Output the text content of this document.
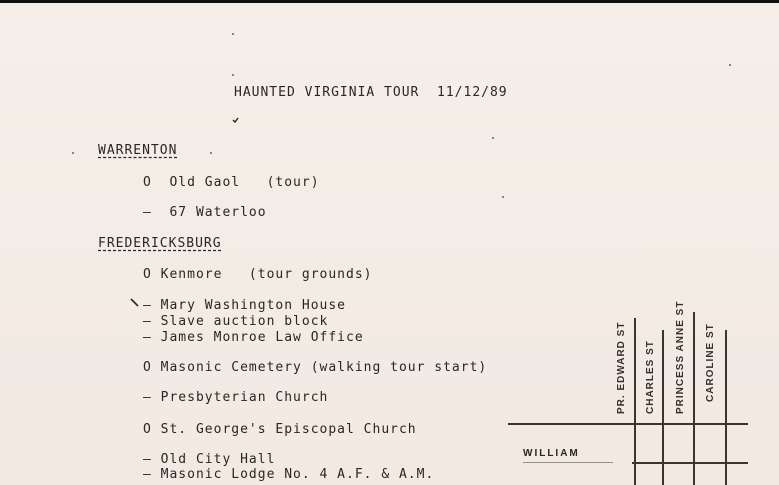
HAUNTED VIRGINIA TOUR  11/12/89
WARRENTON
O  Old Gaol   (tour)
–  67 Waterloo
FREDERICKSBURG
O Kenmore   (tour grounds)
– Mary Washington House
– Slave auction block
– James Monroe Law Office
O Masonic Cemetery (walking tour start)
– Presbyterian Church
O St. George's Episcopal Church
– Old City Hall
– Masonic Lodge No. 4 A.F. & A.M.
PR. EDWARD ST CHARLES ST PRINCESS ANNE ST CAROLINE ST
WILLIAM
